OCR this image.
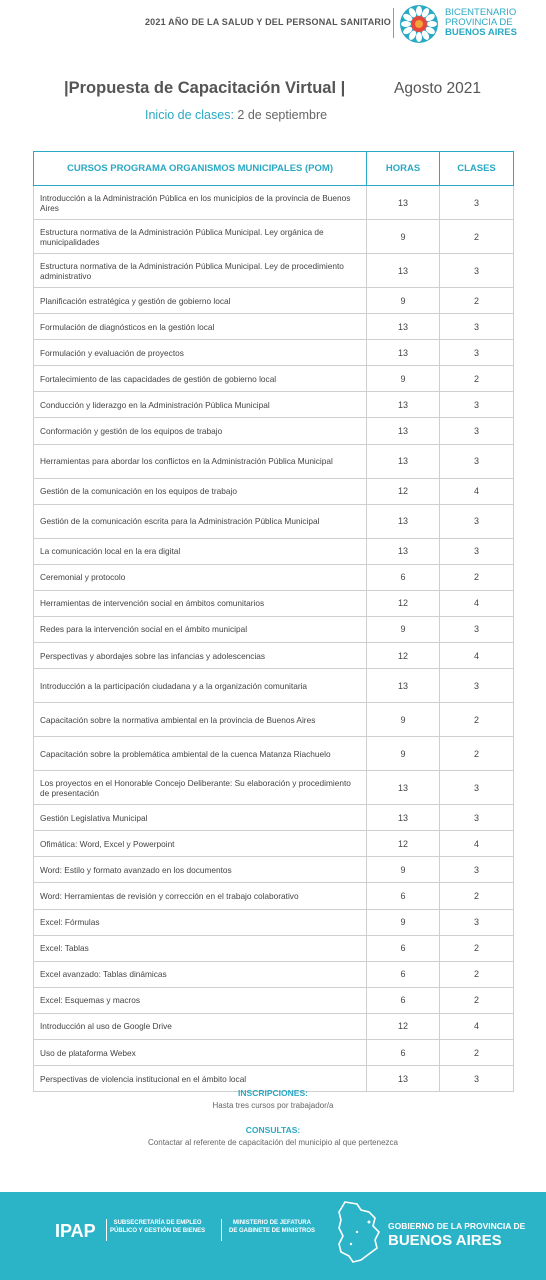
2021 AÑO DE LA SALUD Y DEL PERSONAL SANITARIO
BICENTENARIO
PROVINCIA DE
BUENOS AIRES
|Propuesta de Capacitación Virtual |	Agosto 2021
Inicio de clases: 2 de septiembre
CURSOS PROGRAMA ORGANISMOS MUNICIPALES (POM)	HORAS	CLASES
Introducción a la Administración Pública en los municipios de la provincia de Buenos Aires	13	3
Estructura normativa de la Administración Pública Municipal. Ley orgánica de municipalidades	9	2
Estructura normativa de la Administración Pública Municipal. Ley de procedimiento administrativo	13	3
Planificación estratégica y gestión de gobierno local	9	2
Formulación de diagnósticos en la gestión local	13	3
Formulación y evaluación de proyectos	13	3
Fortalecimiento de las capacidades de gestión de gobierno local	9	2
Conducción y liderazgo en la Administración Pública Municipal	13	3
Conformación y gestión de los equipos de trabajo	13	3
Herramientas para abordar los conflictos en la Administración Pública Municipal	13	3
Gestión de la comunicación en los equipos de trabajo	12	4
Gestión de la comunicación escrita para la Administración Pública Municipal	13	3
La comunicación local en la era digital	13	3
Ceremonial y protocolo	6	2
Herramientas de intervención social en ámbitos comunitarios	12	4
Redes para la intervención social en el ámbito municipal	9	3
Perspectivas y abordajes sobre las infancias y adolescencias	12	4
Introducción a la participación ciudadana y a la organización comunitaria	13	3
Capacitación sobre la normativa ambiental en la provincia de Buenos Aires	9	2
Capacitación sobre la problemática ambiental de la cuenca Matanza Riachuelo	9	2
Los proyectos en el Honorable Concejo Deliberante: Su elaboración y procedimiento de presentación	13	3
Gestión Legislativa Municipal	13	3
Ofimática: Word, Excel y Powerpoint	12	4
Word: Estilo y formato avanzado en los documentos	9	3
Word: Herramientas de revisión y corrección en el trabajo colaborativo	6	2
Excel: Fórmulas	9	3
Excel: Tablas	6	2
Excel avanzado: Tablas dinámicas	6	2
Excel: Esquemas y macros	6	2
Introducción al uso de Google Drive	12	4
Uso de plataforma Webex	6	2
Perspectivas de violencia institucional en el ámbito local	13	3
INSCRIPCIONES:
Hasta tres cursos por trabajador/a
CONSULTAS:
Contactar al referente de capacitación del municipio al que pertenezca
IPAP	SUBSECRETARÍA DE EMPLEO
PÚBLICO Y GESTIÓN DE BIENES
MINISTERIO DE JEFATURA
DE GABINETE DE MINISTROS	GOBIERNO DE LA PROVINCIA DE
BUENOS AIRES
